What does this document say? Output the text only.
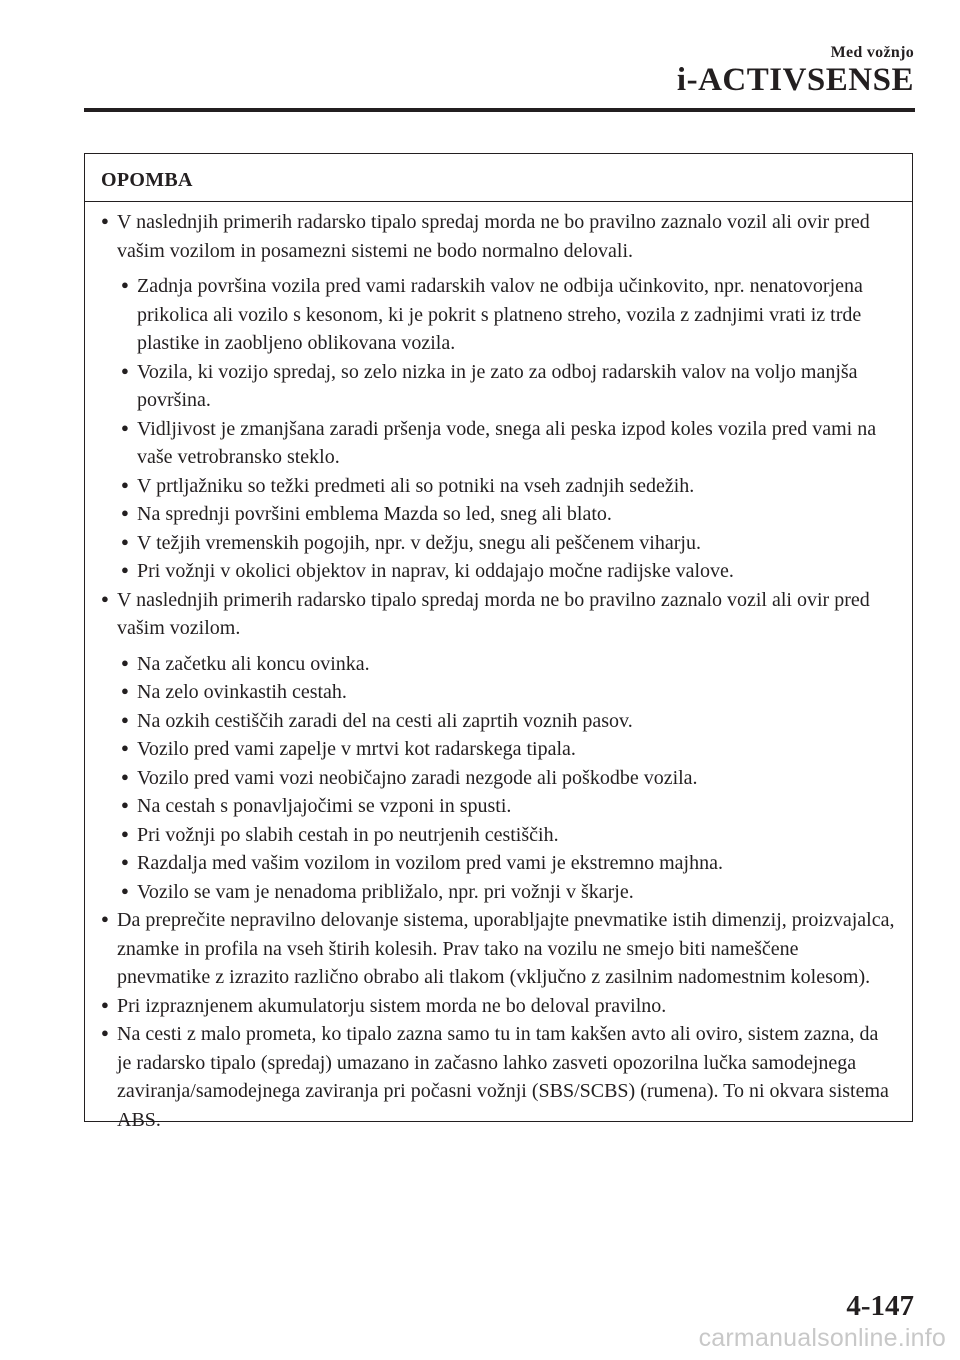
Med vožnjo
i-ACTIVSENSE
OPOMBA
● V naslednjih primerih radarsko tipalo spredaj morda ne bo pravilno zaznalo vozil ali ovir pred vašim vozilom in posamezni sistemi ne bodo normalno delovali.
● Zadnja površina vozila pred vami radarskih valov ne odbija učinkovito, npr. nenatovorjena prikolica ali vozilo s kesonom, ki je pokrit s platneno streho, vozila z zadnjimi vrati iz trde plastike in zaobljeno oblikovana vozila.
● Vozila, ki vozijo spredaj, so zelo nizka in je zato za odboj radarskih valov na voljo manjša površina.
● Vidljivost je zmanjšana zaradi pršenja vode, snega ali peska izpod koles vozila pred vami na vaše vetrobransko steklo.
● V prtljažniku so težki predmeti ali so potniki na vseh zadnjih sedežih.
● Na sprednji površini emblema Mazda so led, sneg ali blato.
● V težjih vremenskih pogojih, npr. v dežju, snegu ali peščenem viharju.
● Pri vožnji v okolici objektov in naprav, ki oddajajo močne radijske valove.
● V naslednjih primerih radarsko tipalo spredaj morda ne bo pravilno zaznalo vozil ali ovir pred vašim vozilom.
● Na začetku ali koncu ovinka.
● Na zelo ovinkastih cestah.
● Na ozkih cestiščih zaradi del na cesti ali zaprtih voznih pasov.
● Vozilo pred vami zapelje v mrtvi kot radarskega tipala.
● Vozilo pred vami vozi neobičajno zaradi nezgode ali poškodbe vozila.
● Na cestah s ponavljajočimi se vzponi in spusti.
● Pri vožnji po slabih cestah in po neutrjenih cestiščih.
● Razdalja med vašim vozilom in vozilom pred vami je ekstremno majhna.
● Vozilo se vam je nenadoma približalo, npr. pri vožnji v škarje.
● Da preprečite nepravilno delovanje sistema, uporabljajte pnevmatike istih dimenzij, proizvajalca, znamke in profila na vseh štirih kolesih. Prav tako na vozilu ne smejo biti nameščene pnevmatike z izrazito različno obrabo ali tlakom (vključno z zasilnim nadomestnim kolesom).
● Pri izpraznjenem akumulatorju sistem morda ne bo deloval pravilno.
● Na cesti z malo prometa, ko tipalo zazna samo tu in tam kakšen avto ali oviro, sistem zazna, da je radarsko tipalo (spredaj) umazano in začasno lahko zasveti opozorilna lučka samodejnega zaviranja/samodejnega zaviranja pri počasni vožnji (SBS/SCBS) (rumena). To ni okvara sistema ABS.
4-147
carmanualsonline.info
